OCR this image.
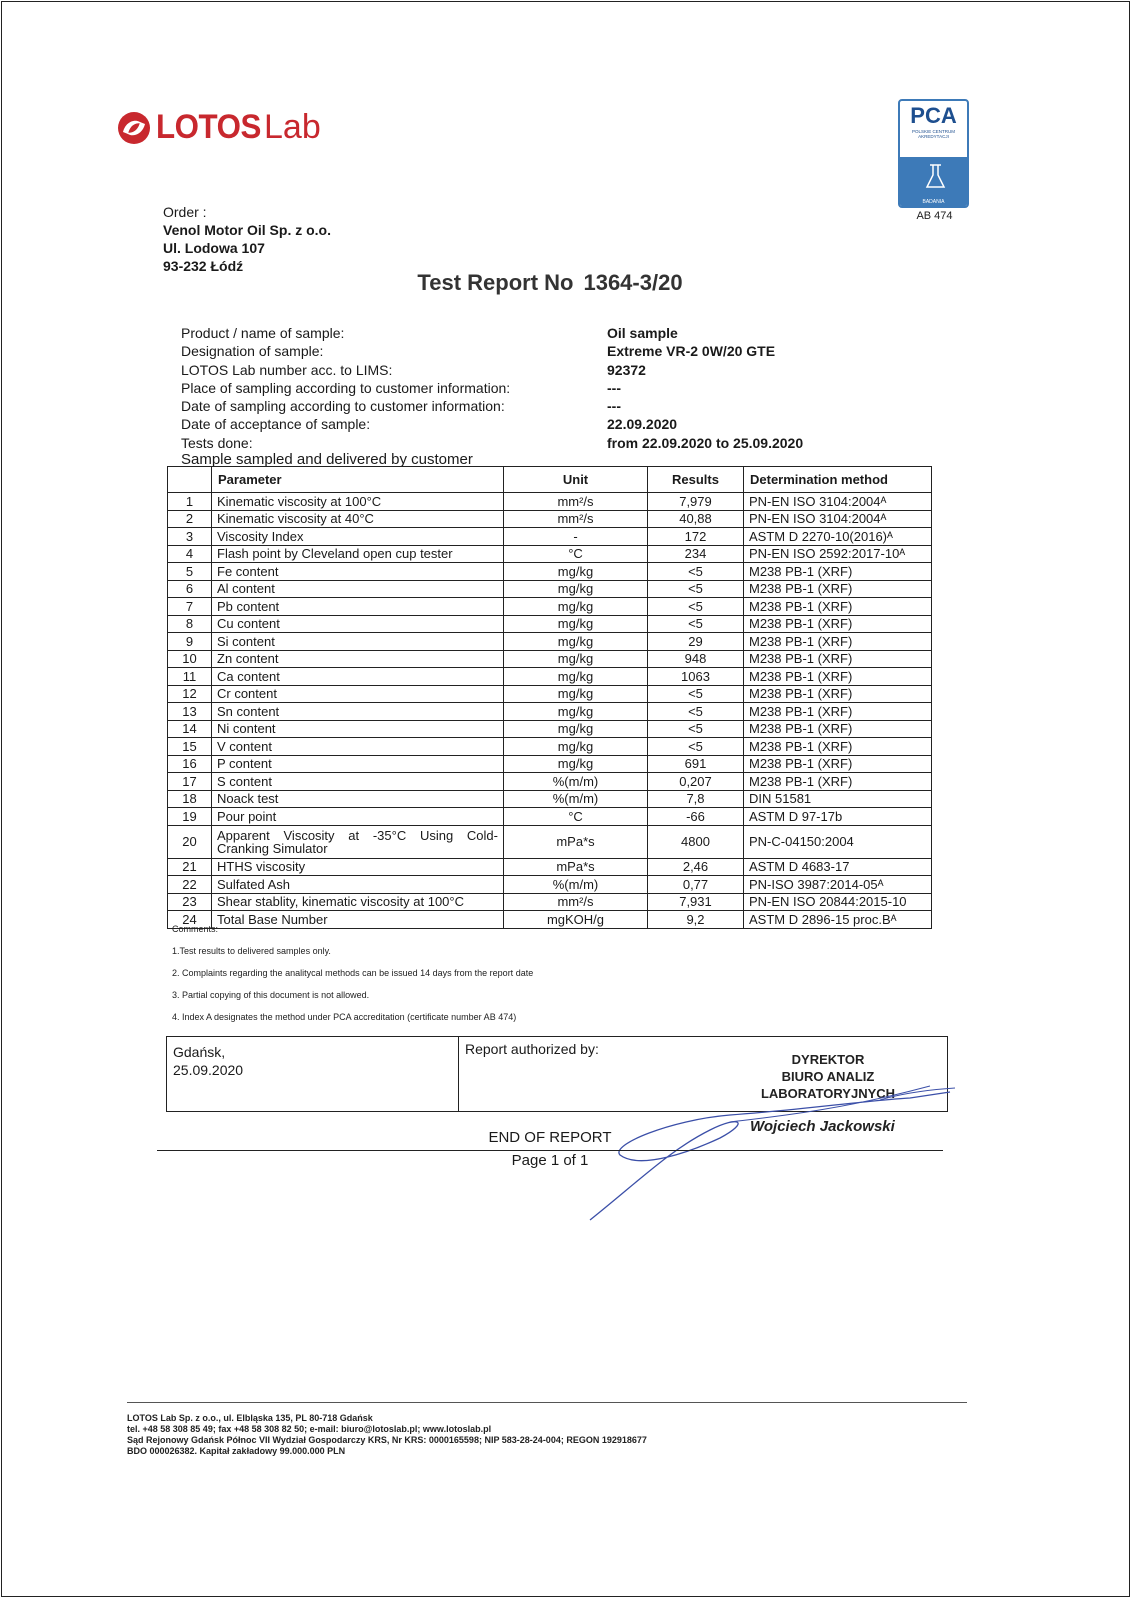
LOTOS Lab	PCA
POLSKIE CENTRUM AKREDYTACJI
BADANIA
AB 474
Order :
Venol Motor Oil Sp. z o.o.
Ul. Lodowa 107
93-232 Łódź
Test Report No 1364-3/20
Product / name of sample:	Oil sample
Designation of sample:	Extreme VR-2 0W/20 GTE
LOTOS Lab number acc. to LIMS:	92372
Place of sampling according to customer information:	---
Date of sampling according to customer information:	---
Date of acceptance of sample:	22.09.2020
Tests done:	from 22.09.2020 to 25.09.2020
Sample sampled and delivered by customer
	Parameter	Unit	Results	Determination method
1	Kinematic viscosity at 100°C	mm²/s	7,979	PN-EN ISO 3104:2004ᴬ
2	Kinematic viscosity at 40°C	mm²/s	40,88	PN-EN ISO 3104:2004ᴬ
3	Viscosity Index	-	172	ASTM D 2270-10(2016)ᴬ
4	Flash point by Cleveland open cup tester	°C	234	PN-EN ISO 2592:2017-10ᴬ
5	Fe content	mg/kg	<5	M238 PB-1 (XRF)
6	Al content	mg/kg	<5	M238 PB-1 (XRF)
7	Pb content	mg/kg	<5	M238 PB-1 (XRF)
8	Cu content	mg/kg	<5	M238 PB-1 (XRF)
9	Si content	mg/kg	29	M238 PB-1 (XRF)
10	Zn content	mg/kg	948	M238 PB-1 (XRF)
11	Ca content	mg/kg	1063	M238 PB-1 (XRF)
12	Cr content	mg/kg	<5	M238 PB-1 (XRF)
13	Sn content	mg/kg	<5	M238 PB-1 (XRF)
14	Ni content	mg/kg	<5	M238 PB-1 (XRF)
15	V content	mg/kg	<5	M238 PB-1 (XRF)
16	P content	mg/kg	691	M238 PB-1 (XRF)
17	S content	%(m/m)	0,207	M238 PB-1 (XRF)
18	Noack test	%(m/m)	7,8	DIN 51581
19	Pour point	°C	-66	ASTM D 97-17b
20	Apparent Viscosity at -35°C Using Cold-Cranking Simulator	mPa*s	4800	PN-C-04150:2004
21	HTHS viscosity	mPa*s	2,46	ASTM D 4683-17
22	Sulfated Ash	%(m/m)	0,77	PN-ISO 3987:2014-05ᴬ
23	Shear stablity, kinematic viscosity at 100°C	mm²/s	7,931	PN-EN ISO 20844:2015-10
24	Total Base Number	mgKOH/g	9,2	ASTM D 2896-15 proc.Bᴬ
Comments:
1.Test results to delivered samples only.
2. Complaints regarding the analitycal methods can be issued 14 days from the report date
3. Partial copying of this document is not allowed.
4. Index A designates the method under PCA accreditation (certificate number AB 474)
Gdańsk,
25.09.2020
Report authorized by:
DYREKTOR
BIURO ANALIZ
LABORATORYJNYCH
Wojciech Jackowski
END OF REPORT
Page 1 of 1
LOTOS Lab Sp. z o.o., ul. Elbląska 135, PL 80-718 Gdańsk
tel. +48 58 308 85 49; fax +48 58 308 82 50; e-mail: biuro@lotoslab.pl; www.lotoslab.pl
Sąd Rejonowy Gdańsk Północ VII Wydział Gospodarczy KRS, Nr KRS: 0000165598; NIP 583-28-24-004; REGON 192918677
BDO 000026382. Kapitał zakładowy 99.000.000 PLN
